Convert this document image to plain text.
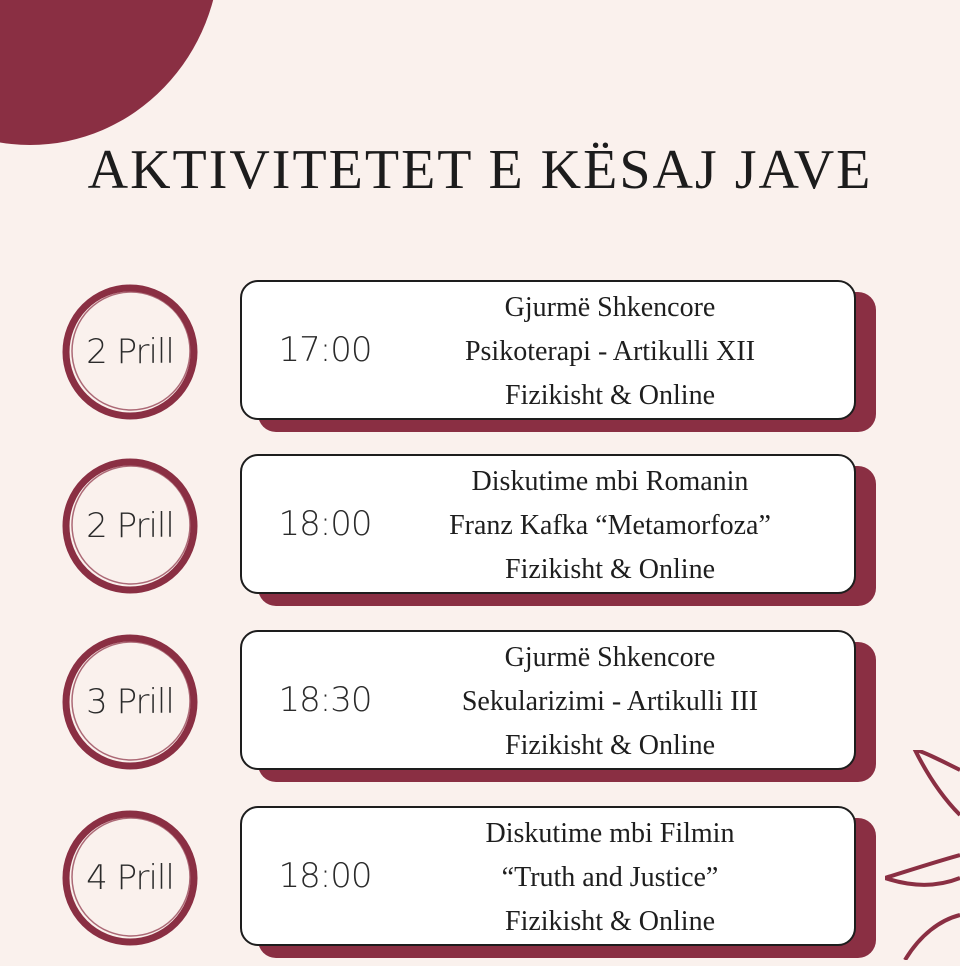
AKTIVITETET E KËSAJ JAVE
2 Prill	17:00
Gjurmë Shkencore
Psikoterapi - Artikulli XII
Fizikisht & Online
2 Prill	18:00
Diskutime mbi Romanin
Franz Kafka “Metamorfoza”
Fizikisht & Online
3 Prill	18:30
Gjurmë Shkencore
Sekularizimi - Artikulli III
Fizikisht & Online
4 Prill	18:00
Diskutime mbi Filmin
“Truth and Justice”
Fizikisht & Online
